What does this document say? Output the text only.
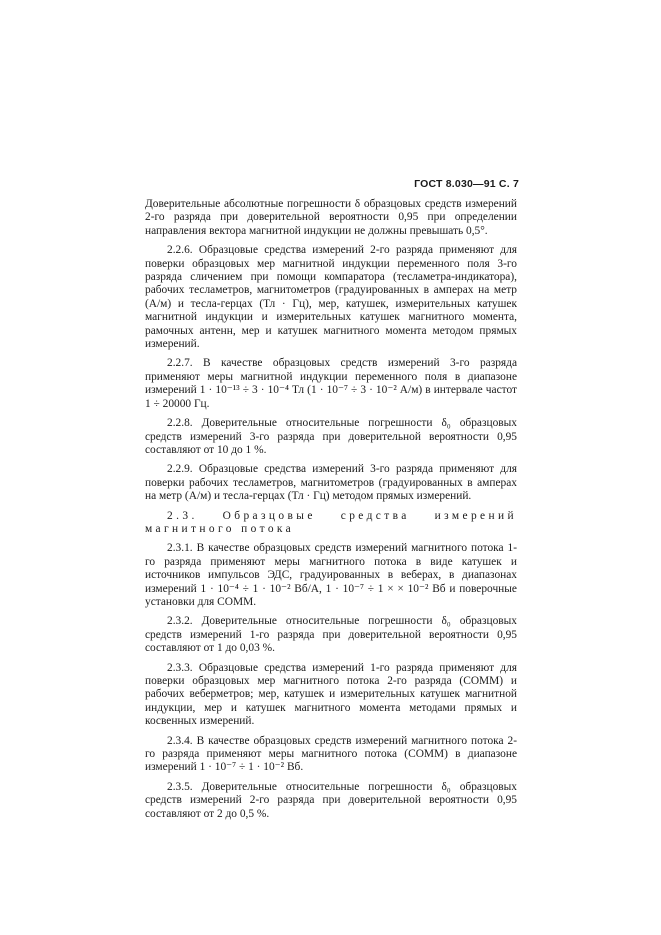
ГОСТ 8.030—91 С. 7

Доверительные абсолютные погрешности δ образцовых средств измерений 2-го разряда при доверительной вероятности 0,95 при определении направления вектора магнитной индукции не должны превышать 0,5°.

2.2.6. Образцовые средства измерений 2-го разряда применяют для поверки образцовых мер магнитной индукции переменного поля 3-го разряда сличением при помощи компаратора (тесламетра-индикатора), рабочих тесламетров, магнитометров (градуированных в амперах на метр (А/м) и тесла-герцах (Тл · Гц), мер, катушек, измерительных катушек магнитной индукции и измерительных катушек магнитного момента, рамочных антенн, мер и катушек магнитного момента методом прямых измерений.

2.2.7. В качестве образцовых средств измерений 3-го разряда применяют меры магнитной индукции переменного поля в диапазоне измерений 1 · 10⁻¹³ ÷ 3 · 10⁻⁴ Тл (1 · 10⁻⁷ ÷ 3 · 10⁻² А/м) в интервале частот 1 ÷ 20000 Гц.

2.2.8. Доверительные относительные погрешности δ₀ образцовых средств измерений 3-го разряда при доверительной вероятности 0,95 составляют от 10 до 1 %.

2.2.9. Образцовые средства измерений 3-го разряда применяют для поверки рабочих тесламетров, магнитометров (градуированных в амперах на метр (А/м) и тесла-герцах (Тл · Гц) методом прямых измерений.

2.3. Образцовые средства измерений магнитного потока

2.3.1. В качестве образцовых средств измерений магнитного потока 1-го разряда применяют меры магнитного потока в виде катушек и источников импульсов ЭДС, градуированных в веберах, в диапазонах измерений 1 · 10⁻⁴ ÷ 1 · 10⁻² Вб/А, 1 · 10⁻⁷ ÷ 1 × × 10⁻² Вб и поверочные установки для СОММ.

2.3.2. Доверительные относительные погрешности δ₀ образцовых средств измерений 1-го разряда при доверительной вероятности 0,95 составляют от 1 до 0,03 %.

2.3.3. Образцовые средства измерений 1-го разряда применяют для поверки образцовых мер магнитного потока 2-го разряда (СОММ) и рабочих веберметров; мер, катушек и измерительных катушек магнитной индукции, мер и катушек магнитного момента методами прямых и косвенных измерений.

2.3.4. В качестве образцовых средств измерений магнитного потока 2-го разряда применяют меры магнитного потока (СОММ) в диапазоне измерений 1 · 10⁻⁷ ÷ 1 · 10⁻² Вб.

2.3.5. Доверительные относительные погрешности δ₀ образцовых средств измерений 2-го разряда при доверительной вероятности 0,95 составляют от 2 до 0,5 %.
